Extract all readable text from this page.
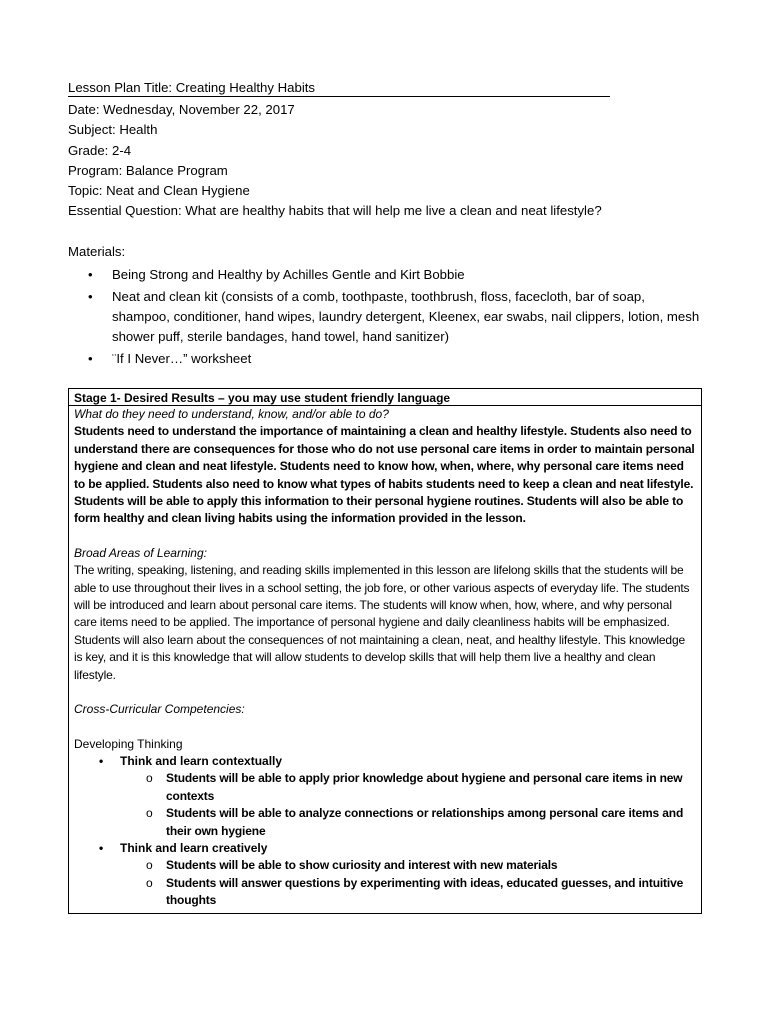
Lesson Plan Title: Creating Healthy Habits
Date: Wednesday, November 22, 2017
Subject: Health
Grade: 2-4
Program: Balance Program
Topic: Neat and Clean Hygiene
Essential Question: What are healthy habits that will help me live a clean and neat lifestyle?
Materials:
• Being Strong and Healthy by Achilles Gentle and Kirt Bobbie
• Neat and clean kit (consists of a comb, toothpaste, toothbrush, floss, facecloth, bar of soap, shampoo, conditioner, hand wipes, laundry detergent, Kleenex, ear swabs, nail clippers, lotion, mesh shower puff, sterile bandages, hand towel, hand sanitizer)
• ¨If I Never…” worksheet
Stage 1- Desired Results – you may use student friendly language

What do they need to understand, know, and/or able to do?

Students need to understand the importance of maintaining a clean and healthy lifestyle. Students also need to understand there are consequences for those who do not use personal care items in order to maintain personal hygiene and clean and neat lifestyle. Students need to know how, when, where, why personal care items need to be applied. Students also need to know what types of habits students need to keep a clean and neat lifestyle. Students will be able to apply this information to their personal hygiene routines. Students will also be able to form healthy and clean living habits using the information provided in the lesson.

Broad Areas of Learning:

The writing, speaking, listening, and reading skills implemented in this lesson are lifelong skills that the students will be able to use throughout their lives in a school setting, the job fore, or other various aspects of everyday life. The students will be introduced and learn about personal care items. The students will know when, how, where, and why personal care items need to be applied. The importance of personal hygiene and daily cleanliness habits will be emphasized. Students will also learn about the consequences of not maintaining a clean, neat, and healthy lifestyle. This knowledge is key, and it is this knowledge that will allow students to develop skills that will help them live a healthy and clean lifestyle.

Cross-Curricular Competencies:

Developing Thinking

• Think and learn contextually
o Students will be able to apply prior knowledge about hygiene and personal care items in new contexts
o Students will be able to analyze connections or relationships among personal care items and their own hygiene
• Think and learn creatively
o Students will be able to show curiosity and interest with new materials
o Students will answer questions by experimenting with ideas, educated guesses, and intuitive thoughts
